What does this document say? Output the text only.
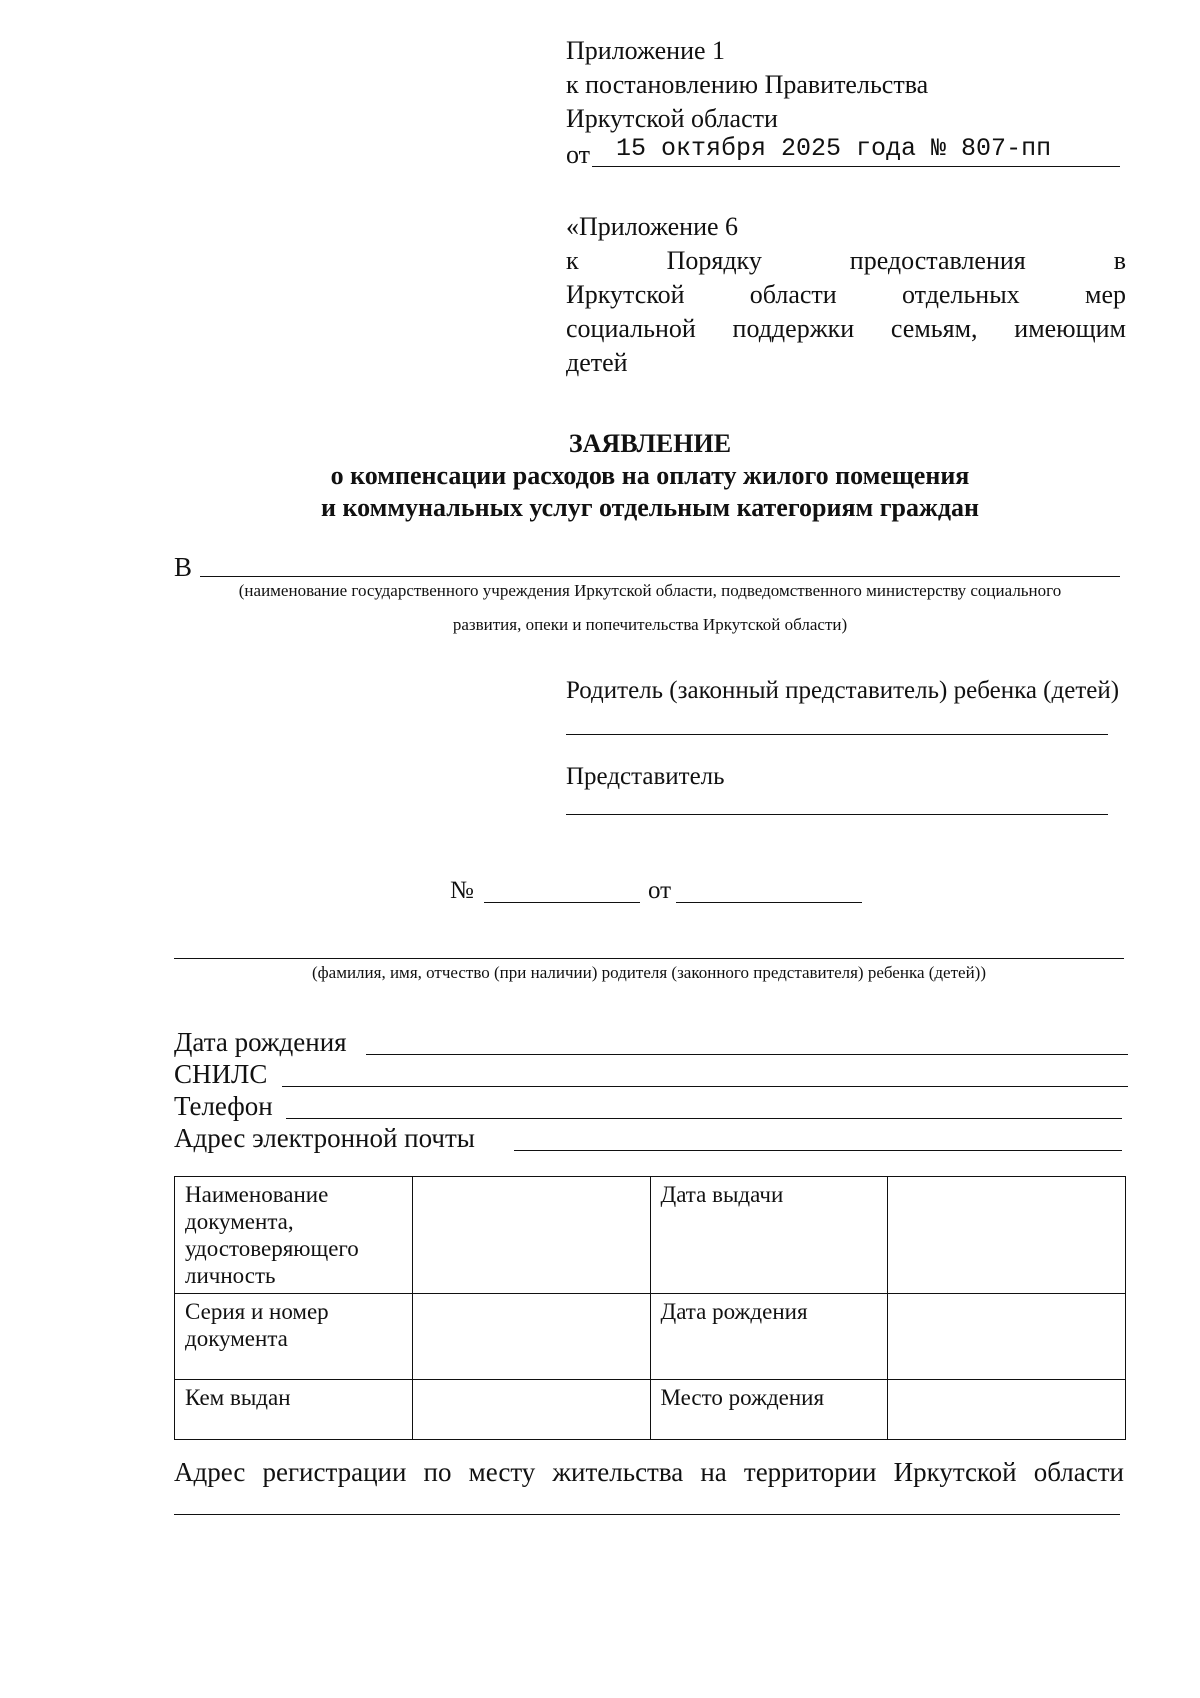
Приложение 1
к постановлению Правительства
Иркутской области
от 15 октября 2025 года № 807-пп
«Приложение 6
к Порядку предоставления в
Иркутской области отдельных мер
социальной поддержки семьям, имеющим
детей
ЗАЯВЛЕНИЕ
о компенсации расходов на оплату жилого помещения
и коммунальных услуг отдельным категориям граждан
В
(наименование государственного учреждения Иркутской области, подведомственного министерству социального
развития, опеки и попечительства Иркутской области)
Родитель (законный представитель) ребенка (детей)
Представитель
№	от
(фамилия, имя, отчество (при наличии) родителя (законного представителя) ребенка (детей))
Дата рождения
СНИЛС
Телефон
Адрес электронной почты
Наименование документа, удостоверяющего личность		Дата выдачи	
Серия и номер документа		Дата рождения	
Кем выдан		Место рождения	
Адрес регистрации по месту жительства на территории Иркутской области
